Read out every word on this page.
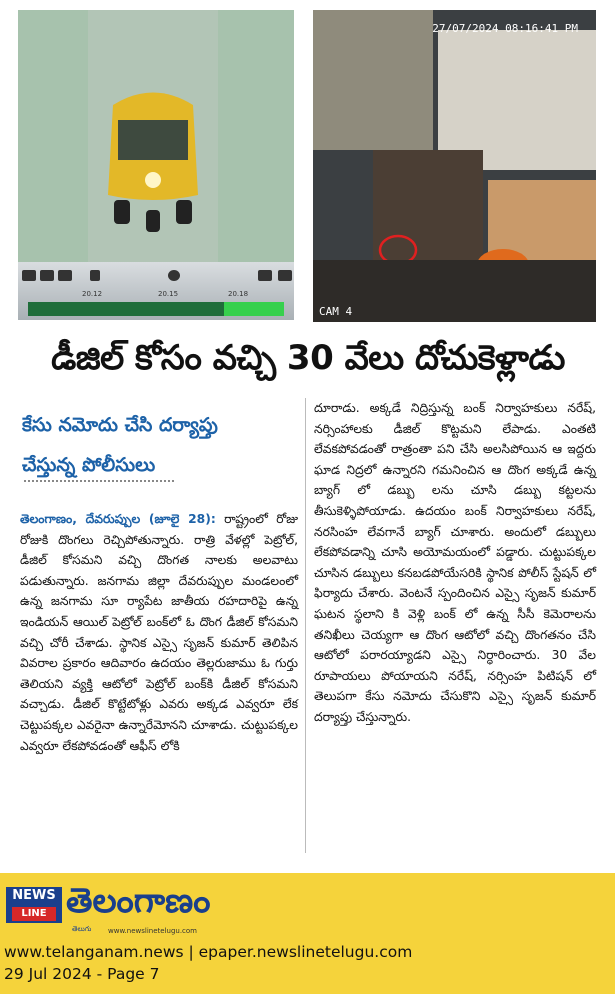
20.12	20.15	20.18
27/07/2024 08:16:41 PM
CAM 4
డీజిల్ కోసం వచ్చి 30 వేలు దోచుకెళ్లాడు
కేసు నమోదు చేసి దర్యాప్తు
చేస్తున్న పోలీసులు
తెలంగాణం, దేవరుప్పుల (జూలై 28): రాష్ట్రంలో రోజు రోజుకి దొంగలు రెచ్చిపోతున్నారు. రాత్రి వేళల్లో పెట్రోల్, డీజిల్ కోసమని వచ్చి దొంగత నాలకు అలవాటు పడుతున్నారు. జనగామ జిల్లా దేవరుప్పుల మండలంలో ఉన్న జనగామ సూ ర్యాపేట జాతీయ రహదారిపై ఉన్న ఇండియన్ ఆయిల్ పెట్రోల్ బంక్‌లో ఓ దొంగ డీజిల్ కోసమని వచ్చి చోరీ చేశాడు. స్థానిక ఎస్సై సృజన్ కుమార్ తెలిపిన వివరాల ప్రకారం ఆదివారం ఉదయం తెల్లరుజాము ఓ గుర్తు తెలియని వ్యక్తి ఆటోలో పెట్రోల్ బంక్‌కి డీజిల్ కోసమని వచ్చాడు. డీజిల్ కొట్టేటోళ్లు ఎవరు అక్కడ ఎవ్వరూ లేక చెట్టుపక్కల ఎవరైనా ఉన్నారేమోనని చూశాడు. చుట్టుపక్కల ఎవ్వరూ లేకపోవడంతో ఆఫీస్ లోకి
దూరాడు. అక్కడే నిద్రిస్తున్న బంక్ నిర్వాహకులు నరేష్, నర్సింహాలకు డీజిల్ కొట్టమని లేపాడు. ఎంతటి లేవకపోవడంతో రాత్రంతా పని చేసి అలసిపోయిన ఆ ఇద్దరు ఘాడ నిద్రలో ఉన్నారని గమనించిన ఆ దొంగ అక్కడే ఉన్న బ్యాగ్ లో డబ్బు లను చూసి డబ్బు కట్టలను తీసుకెళ్ళిపోయాడు. ఉదయం బంక్ నిర్వాహకులు నరేష్, నరసింహ లేవగానే బ్యాగ్ చూశారు. అందులో డబ్బులు లేకపోవడాన్ని చూసి అయోమయంలో పడ్డారు. చుట్టుపక్కల చూసిన డబ్బులు కనబడపోయేసరికి స్థానిక పోలీస్ స్టేషన్ లో ఫిర్యాదు చేశారు. వెంటనే స్పందించిన ఎస్సై సృజన్ కుమార్ ఘటన స్థలాని కి వెళ్లి బంక్ లో ఉన్న సీసీ కెమెరాలను తనిఖీలు చెయ్యగా ఆ దొంగ ఆటోలో వచ్చి దొంగతనం చేసి ఆటోలో పరారయ్యాడని ఎస్సై నిర్ధారించారు. 30 వేల రూపాయలు పోయాయని నరేష్, నర్సింహ పిటిషన్ లో తెలుపగా కేసు నమోదు చేసుకొని ఎస్సై సృజన్ కుమార్ దర్యాప్తు చేస్తున్నారు.
NEWS
LINE తెలంగాణం
తెలుగు www.newslinetelugu.com
www.telanganam.news | epaper.newslinetelugu.com
29 Jul 2024 - Page 7
